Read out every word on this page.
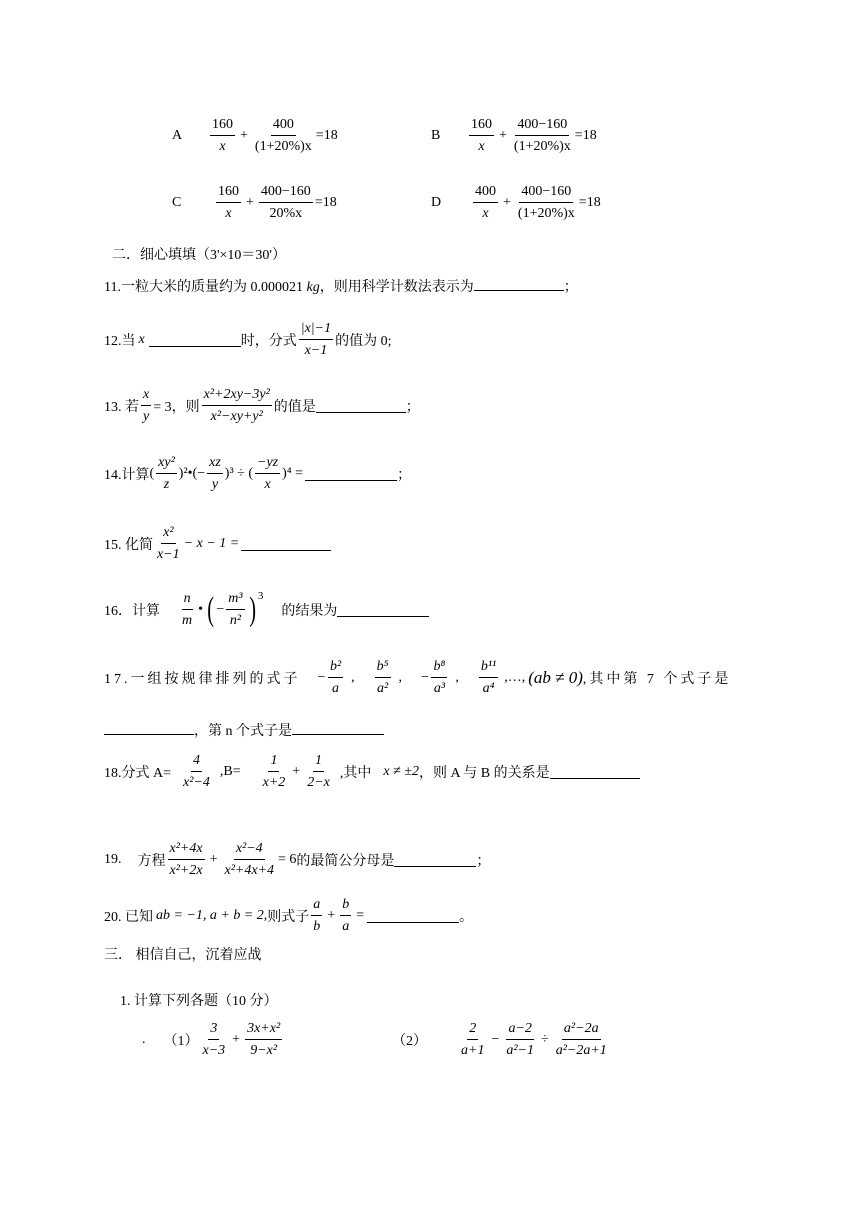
A	$\frac{160}{x} + \frac{400}{(1+20\%)x} =18$	B	$\frac{160}{x} + \frac{400-160}{(1+20\%)x} =18$
C	$\frac{160}{x} + \frac{400-160}{20\%x} =18$	D	$\frac{400}{x} + \frac{400-160}{(1+20\%)x} =18$
二．细心填填（3'×10＝30'）
11.一粒大米的质量约为 0.000021 kg，则用科学计数法表示为	；
12.当 x	时，分式 $\frac{|x|-1}{x-1}$ 的值为 0;
13. 若 $\frac{x}{y} = 3$，则 $\frac{\text{x²+2xy−3y²}}{\text{x²−xy+y²}}$ 的值是	；
14.计算 ( $\frac{\text{xy²}}{z}$ )²•(− $\frac{xz}{y} )^3$ ÷ ( $\frac{-yz}{x} )^4$ =	；
15. 化简 $\frac{\text{x²}}{x-1} - x - 1$ =
16．计算 $\frac{n}{m}$ • ( − $\frac{\text{m³}}{\text{n²}} )^3$
的结果为
17.一组按规律排列的式子 − $\frac{\text{b²}}{a}$ , $\frac{\text{b⁵}}{\text{a²}}$ , − $\frac{\text{b⁸}}{\text{a³}}$ , $\frac{\text{b¹¹}}{\text{a⁴}}$ ,…, (ab ≠ 0) ,其中第 7 个式子是
，第 n 个式子是
18.分式 $A= \frac{4}{\text{x²−4}} ,B= \frac{1}{x+2} + \frac{1}{2-x}$ ,其中 x ≠ ±2 ，则 A 与 B 的关系是
19. 方程 $\frac{\text{x²+4x}}{\text{x²+2x}} + \frac{\text{x²−4}}{\text{x²+4x+4}} = 6$ 的最简公分母是	；
20. 已知 ab = −1, a + b = 2, 则式子 $\frac{a}{b} + \frac{b}{a}$ =	。
三． 相信自己，沉着应战
1. 计算下列各题（10 分）
. $(1) \frac{3}{x-3} + \frac{\text{3x+x²}}{\text{9−x²}}$	$(2) \frac{2}{a+1} - \frac{a-2}{\text{a²−1}} \div \frac{\text{a²−2a}}{\text{a²−2a+1}}$
